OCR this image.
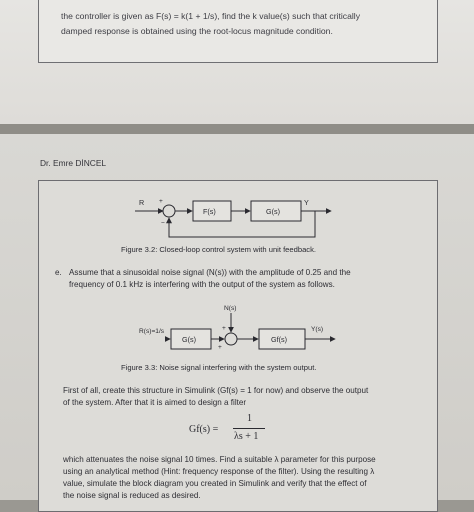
the controller is given as F(s) = k(1 + 1/s), find the k value(s) such that critically
damped response is obtained using the root-locus magnitude condition.
Dr. Emre DİNCEL
R +
−
F(s)	G(s)
Y
Figure 3.2: Closed-loop control system with unit feedback.
e. Assume that a sinusoidal noise signal (N(s)) with the amplitude of 0.25 and the
frequency of 0.1 kHz is interfering with the output of the system as follows.
N(s)
R(s)=1/s
G(s)
+
+
Gf(s)
Y(s)
Figure 3.3: Noise signal interfering with the system output.
First of all, create this structure in Simulink (Gf(s) = 1 for now) and observe the output
of the system. After that it is aimed to design a filter
Gf(s) =
1
λs + 1
which attenuates the noise signal 10 times. Find a suitable λ parameter for this purpose
using an analytical method (Hint: frequency response of the filter). Using the resulting λ
value, simulate the block diagram you created in Simulink and verify that the effect of
the noise signal is reduced as desired.
